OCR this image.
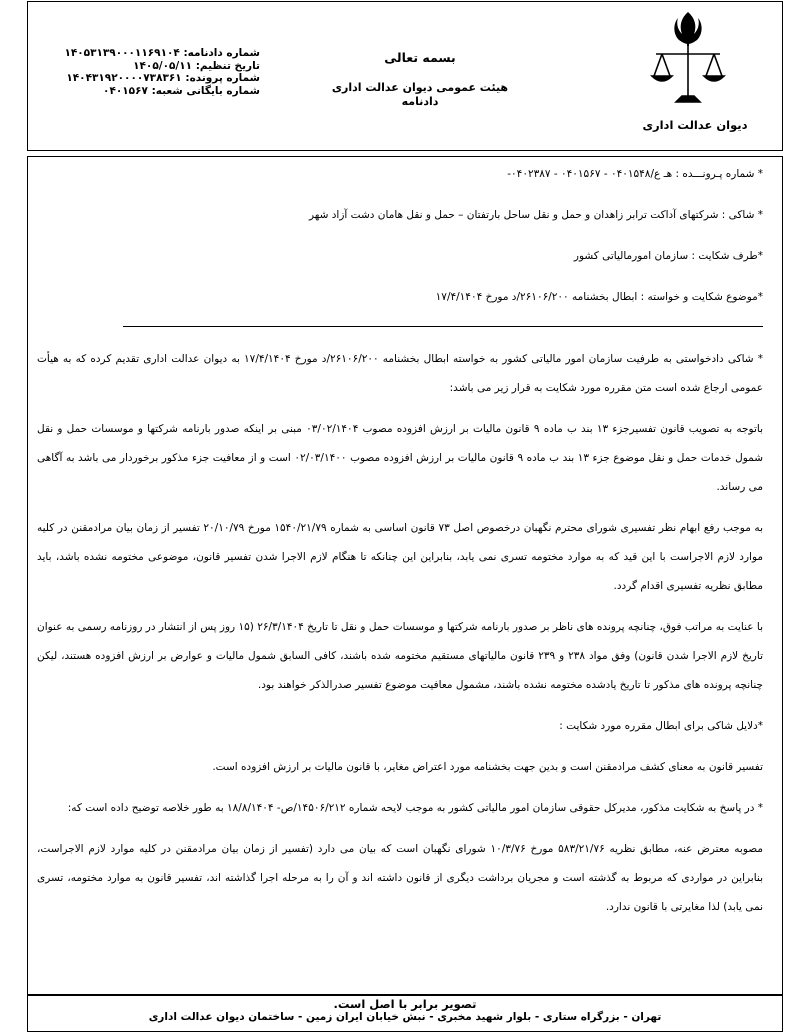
شماره دادنامه: ۱۴۰۵۳۱۳۹۰۰۰۱۱۶۹۱۰۴
تاریخ تنظیم: ۱۴۰۵/۰۵/۱۱
شماره پرونده: ۱۴۰۴۳۱۹۲۰۰۰۰۷۳۸۳۶۱
شماره بایگانی شعبه: ۰۴۰۱۵۶۷
بسمه تعالی
هیئت عمومی دیوان عدالت اداری
دادنامه
دیوان عدالت اداری

* شماره پـرونـــده : هـ ع/۰۴۰۱۵۴۸ - ۰۴۰۱۵۶۷ - ۰۴۰۲۳۸۷-

* شاکی : شرکتهای آداکت ترابر زاهدان و حمل و نقل ساحل بارتفتان – حمل و نقل هامان دشت آزاد شهر

*طرف شکایت : سازمان امورمالیاتی کشور

*موضوع شکایت و خواسته : ابطال بخشنامه ۲۶۱۰۶/۲۰۰/د مورخ ۱۷/۴/۱۴۰۴

* شاکی دادخواستی به طرفیت سازمان امور مالیاتی کشور به خواسته ابطال بخشنامه ۲۶۱۰۶/۲۰۰/د مورخ ۱۷/۴/۱۴۰۴ به دیوان عدالت اداری تقدیم کرده که به هیأت عمومی ارجاع شده است متن مقرره مورد شکایت به قرار زیر می باشد:

باتوجه به تصویب قانون تفسیرجزء ۱۳ بند ب ماده ۹ قانون مالیات بر ارزش افزوده مصوب ۰۳/۰۲/۱۴۰۴ مبنی بر اینکه صدور بارنامه شرکتها و موسسات حمل و نقل شمول خدمات حمل و نقل موضوع جزء ۱۳ بند ب ماده ۹ قانون مالیات بر ارزش افزوده مصوب ۰۲/۰۳/۱۴۰۰ است و از معافیت جزء مذکور برخوردار می باشد به آگاهی می رساند.

به موجب رفع ابهام نظر تفسیری شورای محترم نگهبان درخصوص اصل ۷۳ قانون اساسی به شماره ۱۵۴۰/۲۱/۷۹ مورخ ۲۰/۱۰/۷۹ تفسیر از زمان بیان مرادمقنن در کلیه موارد لازم الاجراست با این قید که به موارد مختومه تسری نمی یابد، بنابراین این چنانکه تا هنگام لازم الاجرا شدن تفسیر قانون، موضوعی مختومه نشده باشد، باید مطابق نظریه تفسیری اقدام گردد.

با عنایت به مراتب فوق، چنانچه پرونده های ناظر بر صدور بارنامه شرکتها و موسسات حمل و نقل تا تاریخ ۲۶/۳/۱۴۰۴ (۱۵ روز پس از انتشار در روزنامه رسمی به عنوان تاریخ لازم الاجرا شدن قانون) وفق مواد ۲۳۸ و ۲۳۹ قانون مالیاتهای مستقیم مختومه شده باشند، کافی السابق شمول مالیات و عوارض بر ارزش افزوده هستند، لیکن چنانچه پرونده های مذکور تا تاریخ یادشده مختومه نشده باشند، مشمول معافیت موضوع تفسیر صدرالذکر خواهند بود.

*دلایل شاکی برای ابطال مقرره مورد شکایت :

تفسیر قانون به معنای کشف مرادمقنن است و بدین جهت بخشنامه مورد اعتراض مغایر، با قانون مالیات بر ارزش افزوده است.

* در پاسخ به شکایت مذکور، مدیرکل حقوقی سازمان امور مالیاتی کشور به موجب لایحه شماره ۱۴۵۰۶/۲۱۲/ص- ۱۸/۸/۱۴۰۴ به طور خلاصه توضیح داده است که:

مصوبه معترض عنه، مطابق نظریه ۵۸۳/۲۱/۷۶ مورخ ۱۰/۳/۷۶ شورای نگهبان است که بیان می دارد (تفسیر از زمان بیان مرادمقنن در کلیه موارد لازم الاجراست، بنابراین در مواردی که مربوط به گذشته است و مجریان برداشت دیگری از قانون داشته اند و آن را به مرحله اجرا گذاشته اند، تفسیر قانون به موارد مختومه، تسری نمی یابد) لذا مغایرتی با قانون ندارد.

تصویر برابر با اصل است.
تهران - بزرگراه ستاری - بلوار شهید مخبری - نبش خیابان ایران زمین - ساختمان دیوان عدالت اداری
